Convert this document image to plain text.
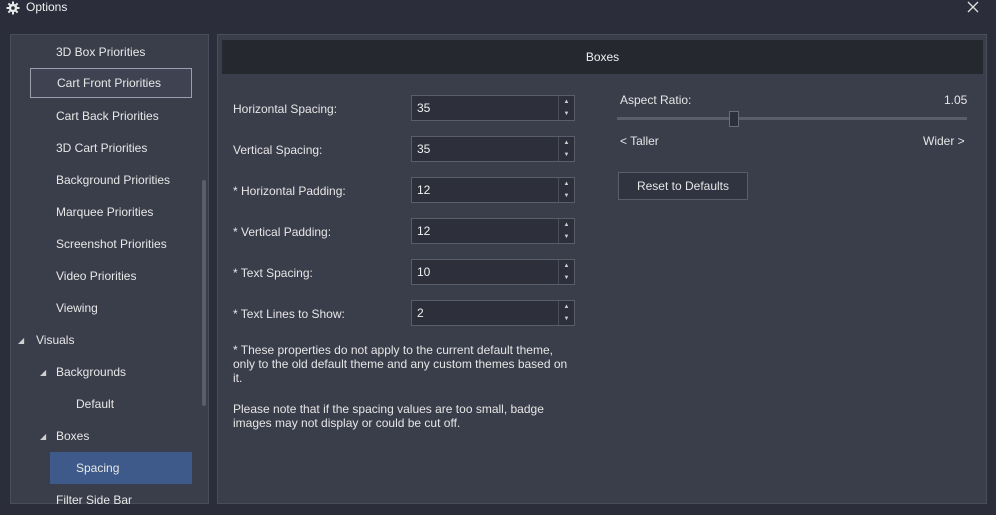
Options
3D Box Priorities
Cart Front Priorities
Cart Back Priorities
3D Cart Priorities
Background Priorities
Marquee Priorities
Screenshot Priorities
Video Priorities
Viewing
◢ Visuals
◢ Backgrounds
Default
◢ Boxes
Spacing
Filter Side Bar
Boxes
Horizontal Spacing:	35	▲
▼
Vertical Spacing:	35	▲
▼
* Horizontal Padding:	12	▲
▼
* Vertical Padding:	12	▲
▼
* Text Spacing:	10	▲
▼
* Text Lines to Show:	2	▲
▼
* These properties do not apply to the current default theme, only to the old default theme and any custom themes based on it.
Please note that if the spacing values are too small, badge images may not display or could be cut off.
Aspect Ratio:	1.05
< Taller	Wider >
Reset to Defaults
